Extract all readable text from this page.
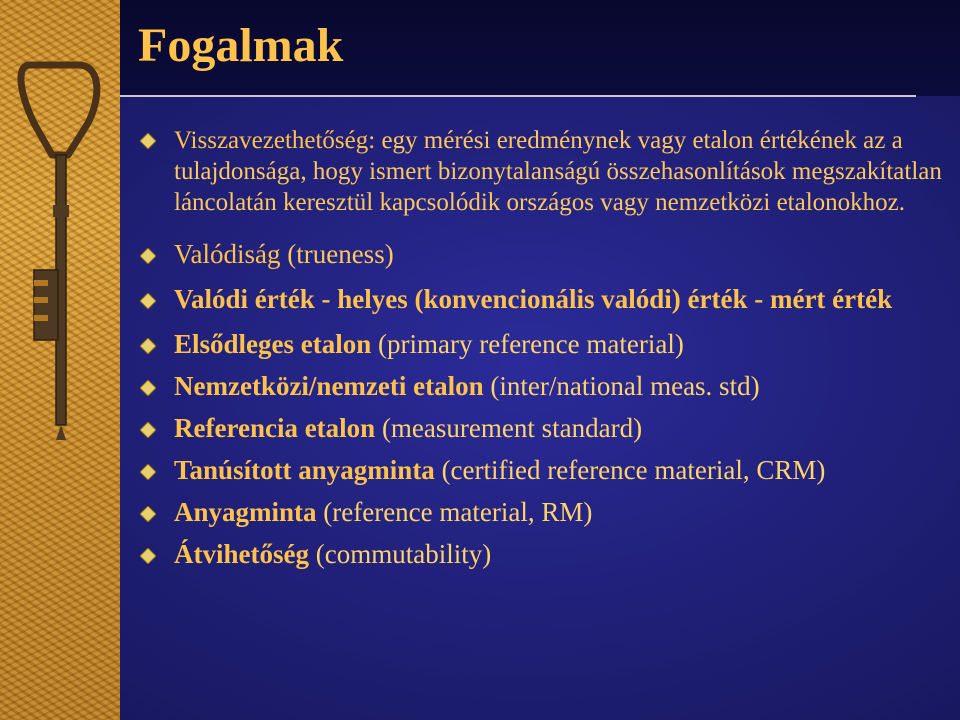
Fogalmak
Visszavezethetőség: egy mérési eredménynek vagy etalon értékének az a tulajdonsága, hogy ismert bizonytalanságú összehasonlítások megszakítatlan láncolatán keresztül kapcsolódik országos vagy nemzetközi etalonokhoz.
Valódiság (trueness)
Valódi érték - helyes (konvencionális valódi) érték - mért érték
Elsődleges etalon (primary reference material)
Nemzetközi/nemzeti etalon (inter/national meas. std)
Referencia etalon (measurement standard)
Tanúsított anyagminta (certified reference material, CRM)
Anyagminta (reference material, RM)
Átvihetőség (commutability)
